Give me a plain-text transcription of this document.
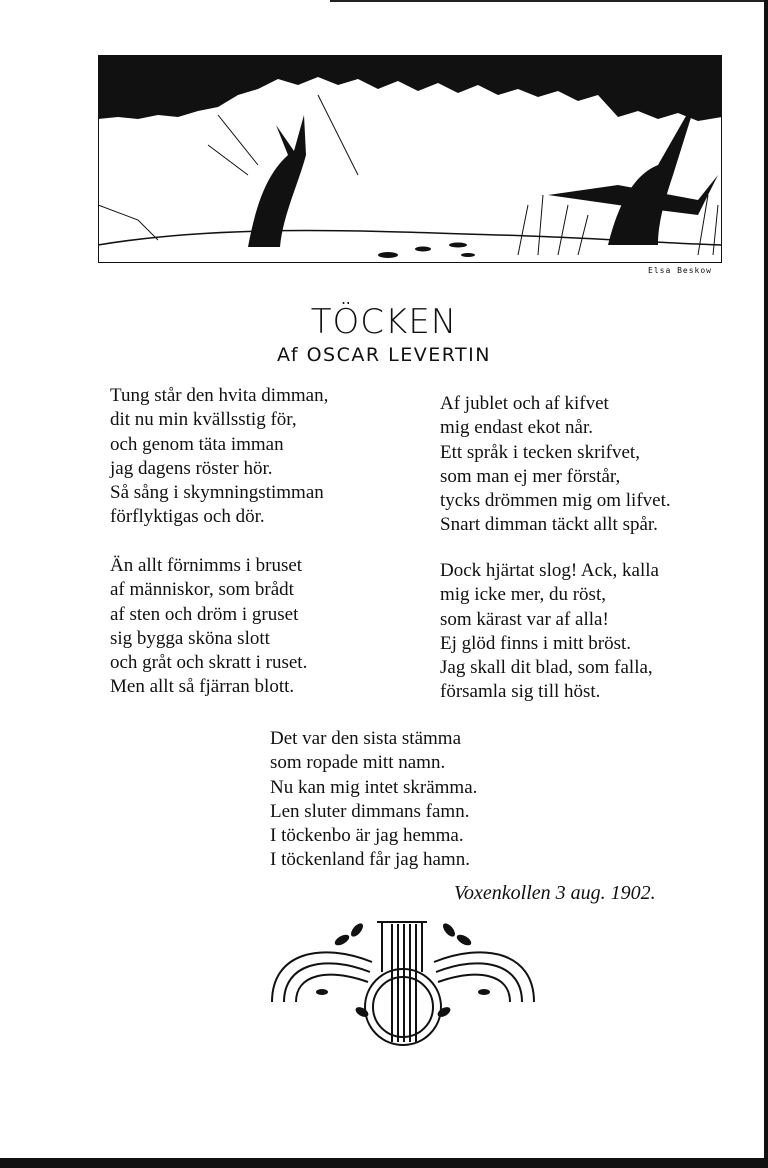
Elsa Beskow
TÖCKEN
Af OSCAR LEVERTIN
Tung står den hvita dimman,
dit nu min kvällsstig för,
och genom täta imman
jag dagens röster hör.
Så sång i skymningstimman
förflyktigas och dör.
Af jublet och af kifvet
mig endast ekot når.
Ett språk i tecken skrifvet,
som man ej mer förstår,
tycks drömmen mig om lifvet.
Snart dimman täckt allt spår.
Än allt förnimms i bruset
af människor, som brådt
af sten och dröm i gruset
sig bygga sköna slott
och gråt och skratt i ruset.
Men allt så fjärran blott.
Dock hjärtat slog! Ack, kalla
mig icke mer, du röst,
som kärast var af alla!
Ej glöd finns i mitt bröst.
Jag skall dit blad, som falla,
församla sig till höst.
Det var den sista stämma
som ropade mitt namn.
Nu kan mig intet skrämma.
Len sluter dimmans famn.
I töckenbo är jag hemma.
I töckenland får jag hamn.
Voxenkollen 3 aug. 1902.
